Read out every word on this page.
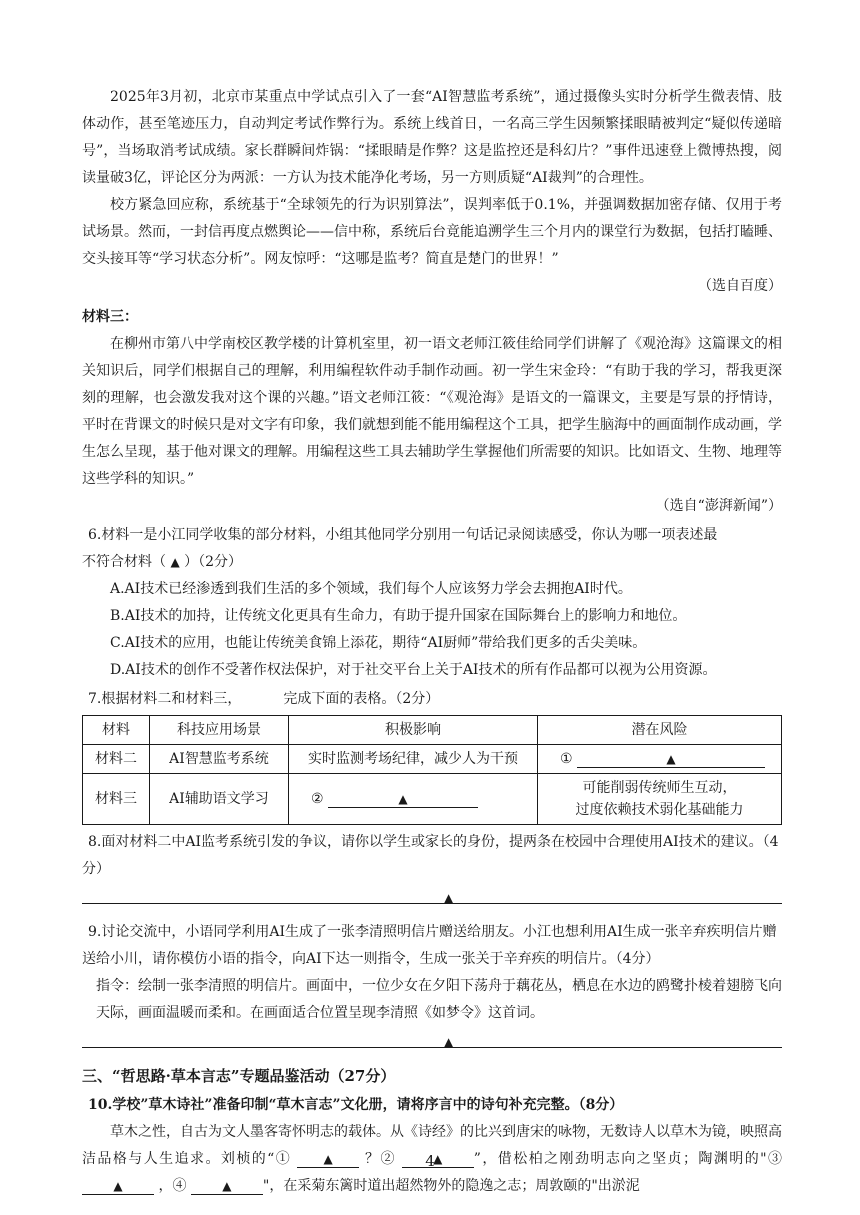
2025年3月初，北京市某重点中学试点引入了一套“AI智慧监考系统”，通过摄像头实时分析学生微表情、肢体动作，甚至笔迹压力，自动判定考试作弊行为。系统上线首日，一名高三学生因频繁揉眼睛被判定“疑似传递暗号”，当场取消考试成绩。家长群瞬间炸锅：“揉眼睛是作弊？这是监控还是科幻片？”事件迅速登上微博热搜，阅读量破3亿，评论区分为两派：一方认为技术能净化考场，另一方则质疑“AI裁判”的合理性。

校方紧急回应称，系统基于“全球领先的行为识别算法”，误判率低于0.1%，并强调数据加密存储、仅用于考试场景。然而，一封信再度点燃舆论——信中称，系统后台竟能追溯学生三个月内的课堂行为数据，包括打瞌睡、交头接耳等“学习状态分析”。网友惊呼：“这哪是监考？简直是楚门的世界！”

（选自百度）

材料三：

在柳州市第八中学南校区教学楼的计算机室里，初一语文老师江筱佳给同学们讲解了《观沧海》这篇课文的相关知识后，同学们根据自己的理解，利用编程软件动手制作动画。初一学生宋金玲：“有助于我的学习，帮我更深刻的理解，也会激发我对这个课的兴趣。”语文老师江筱：“《观沧海》是语文的一篇课文，主要是写景的抒情诗，平时在背课文的时候只是对文字有印象，我们就想到能不能用编程这个工具，把学生脑海中的画面制作成动画，学生怎么呈现，基于他对课文的理解。用编程这些工具去辅助学生掌握他们所需要的知识。比如语文、生物、地理等这些学科的知识。”

（选自“澎湃新闻”）

6.材料一是小江同学收集的部分材料，小组其他同学分别用一句话记录阅读感受，你认为哪一项表述最
不符合材料（ ▲ ）（2分）

A.AI技术已经渗透到我们生活的多个领域，我们每个人应该努力学会去拥抱AI时代。

B.AI技术的加持，让传统文化更具有生命力，有助于提升国家在国际舞台上的影响力和地位。

C.AI技术的应用，也能让传统美食锦上添花，期待“AI厨师”带给我们更多的舌尖美味。

D.AI技术的创作不受著作权法保护，对于社交平台上关于AI技术的所有作品都可以视为公用资源。

7.根据材料二和材料三，	完成下面的表格。（2分）

材料	科技应用场景	积极影响	潜在风险
材料二	AI智慧监考系统	实时监测考场纪律，减少人为干预	① ▲
材料三	AI辅助语文学习	② ▲	可能削弱传统师生互动，
过度依赖技术弱化基础能力

8.面对材料二中AI监考系统引发的争议，请你以学生或家长的身份，提两条在校园中合理使用AI技术的建议。（4分）

▲

9.讨论交流中，小语同学利用AI生成了一张李清照明信片赠送给朋友。小江也想利用AI生成一张辛弃疾明信片赠送给小川，请你模仿小语的指令，向AI下达一则指令，生成一张关于辛弃疾的明信片。（4分）

指令：绘制一张李清照的明信片。画面中，一位少女在夕阳下荡舟于藕花丛，栖息在水边的鸥鹭扑棱着翅膀飞向天际，画面温暖而柔和。在画面适合位置呈现李清照《如梦令》这首词。

▲

三、“哲思路·草本言志”专题品鉴活动（27分）

10.学校”草木诗社”准备印制“草木言志”文化册，请将序言中的诗句补充完整。（8分）

草木之性，自古为文人墨客寄怀明志的载体。从《诗经》的比兴到唐宋的咏物，无数诗人以草木为镜，映照高洁品格与人生追求。刘桢的“①	▲ ？②	▲ ”，借松柏之刚劲明志向之坚贞；陶渊明的"③ ▲	，④	▲ "，在采菊东篱时道出超然物外的隐逸之志；周敦颐的"出淤泥

4
